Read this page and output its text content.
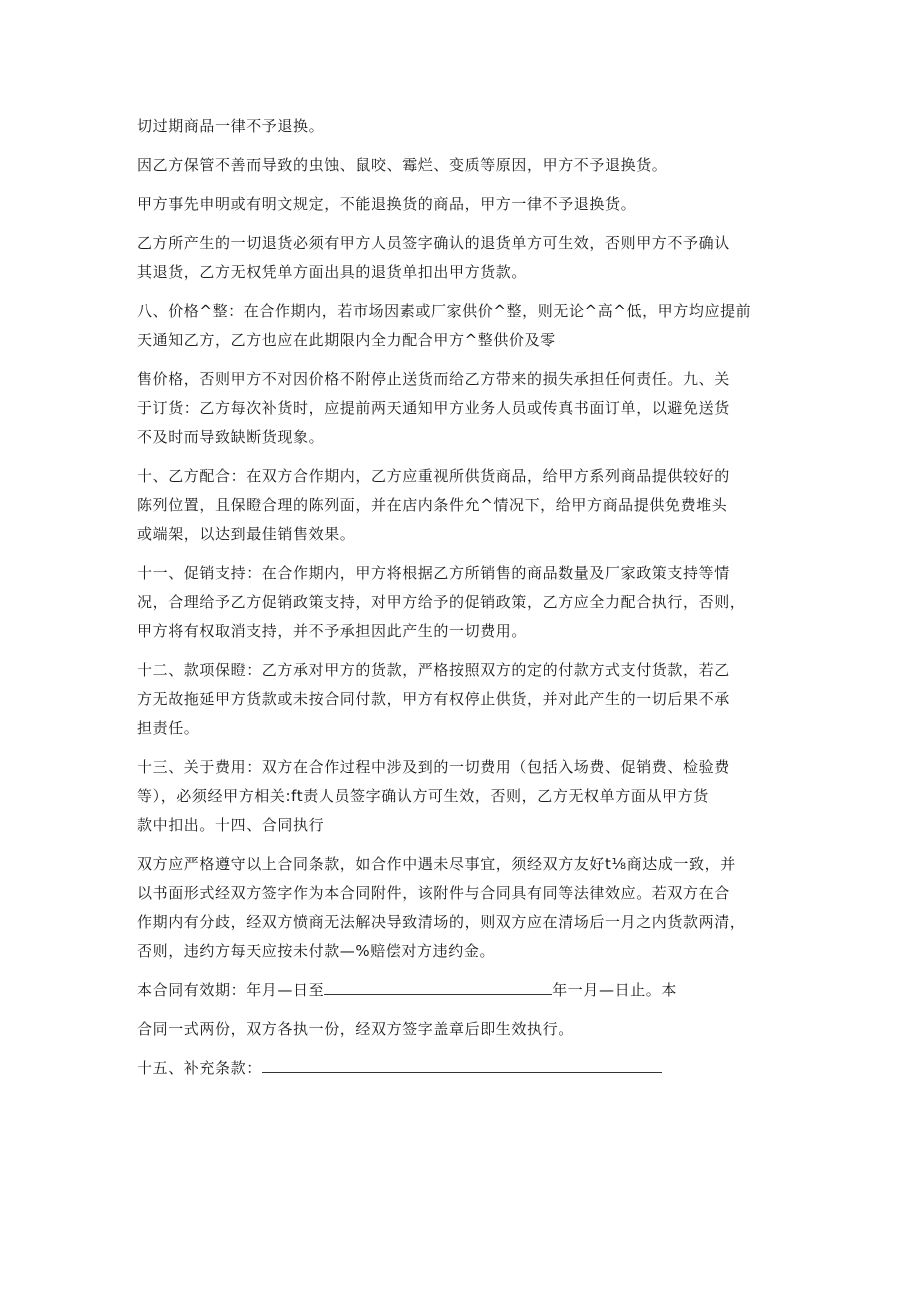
切过期商品一律不予退换。

因乙方保管不善而导致的虫蚀、鼠咬、霉烂、变质等原因，甲方不予退换货。

甲方事先申明或有明文规定，不能退换货的商品，甲方一律不予退换货。

乙方所产生的一切退货必须有甲方人员签字确认的退货单方可生效，否则甲方不予确认
其退货，乙方无权凭单方面出具的退货单扣出甲方货款。

八、价格^整：在合作期内，若市场因素或厂家供价^整，则无论^高^低，甲方均应提前
天通知乙方，乙方也应在此期限内全力配合甲方^整供价及零

售价格，否则甲方不对因价格不附停止送货而给乙方带来的损失承担任何责任。九、关
于订货：乙方每次补货时，应提前两天通知甲方业务人员或传真书面订单，以避免送货
不及时而导致缺断货现象。

十、乙方配合：在双方合作期内，乙方应重视所供货商品，给甲方系列商品提供较好的
陈列位置，且保瞪合理的陈列面，并在店内条件允^情况下，给甲方商品提供免费堆头
或端架，以达到最佳销售效果。

十一、促销支持：在合作期内，甲方将根据乙方所销售的商品数量及厂家政策支持等情
况，合理给予乙方促销政策支持，对甲方给予的促销政策，乙方应全力配合执行，否则，
甲方将有权取消支持，并不予承担因此产生的一切费用。

十二、款项保瞪：乙方承对甲方的货款，严格按照双方的定的付款方式支付货款，若乙
方无故拖延甲方货款或未按合同付款，甲方有权停止供货，并对此产生的一切后果不承
担责任。

十三、关于费用：双方在合作过程中涉及到的一切费用（包括入场费、促销费、检验费
等），必须经甲方相关:ft责人员签字确认方可生效，否则，乙方无权单方面从甲方货
款中扣出。十四、合同执行

双方应严格遵守以上合同条款，如合作中遇未尽事宜，须经双方友好t⅛商达成一致，并
以书面形式经双方签字作为本合同附件，该附件与合同具有同等法律效应。若双方在合
作期内有分歧，经双方愤商无法解决导致清场的，则双方应在清场后一月之内货款两清，
否则，违约方每天应按未付款—%赔偿对方违约金。

本合同有效期：年月—日至	年一月—日止。本

合同一式两份，双方各执一份，经双方签字盖章后即生效执行。

十五、补充条款：
